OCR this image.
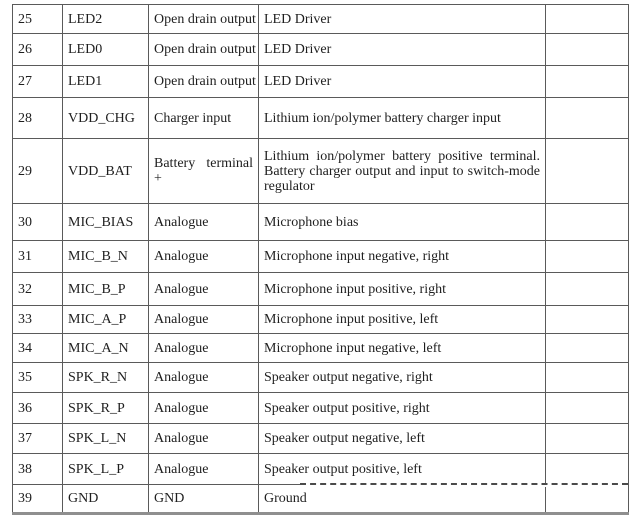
25	LED2	Open drain output	LED Driver	
26	LED0	Open drain output	LED Driver	
27	LED1	Open drain output	LED Driver	
28	VDD_CHG	Charger input	Lithium ion/polymer battery charger input	
29	VDD_BAT	Battery terminal +	Lithium ion/polymer battery positive terminal. Battery charger output and input to switch-mode regulator	
30	MIC_BIAS	Analogue	Microphone bias	
31	MIC_B_N	Analogue	Microphone input negative, right	
32	MIC_B_P	Analogue	Microphone input positive, right	
33	MIC_A_P	Analogue	Microphone input positive, left	
34	MIC_A_N	Analogue	Microphone input negative, left	
35	SPK_R_N	Analogue	Speaker output negative, right	
36	SPK_R_P	Analogue	Speaker output positive, right	
37	SPK_L_N	Analogue	Speaker output negative, left	
38	SPK_L_P	Analogue	Speaker output positive, left	
39	GND	GND	Ground	
